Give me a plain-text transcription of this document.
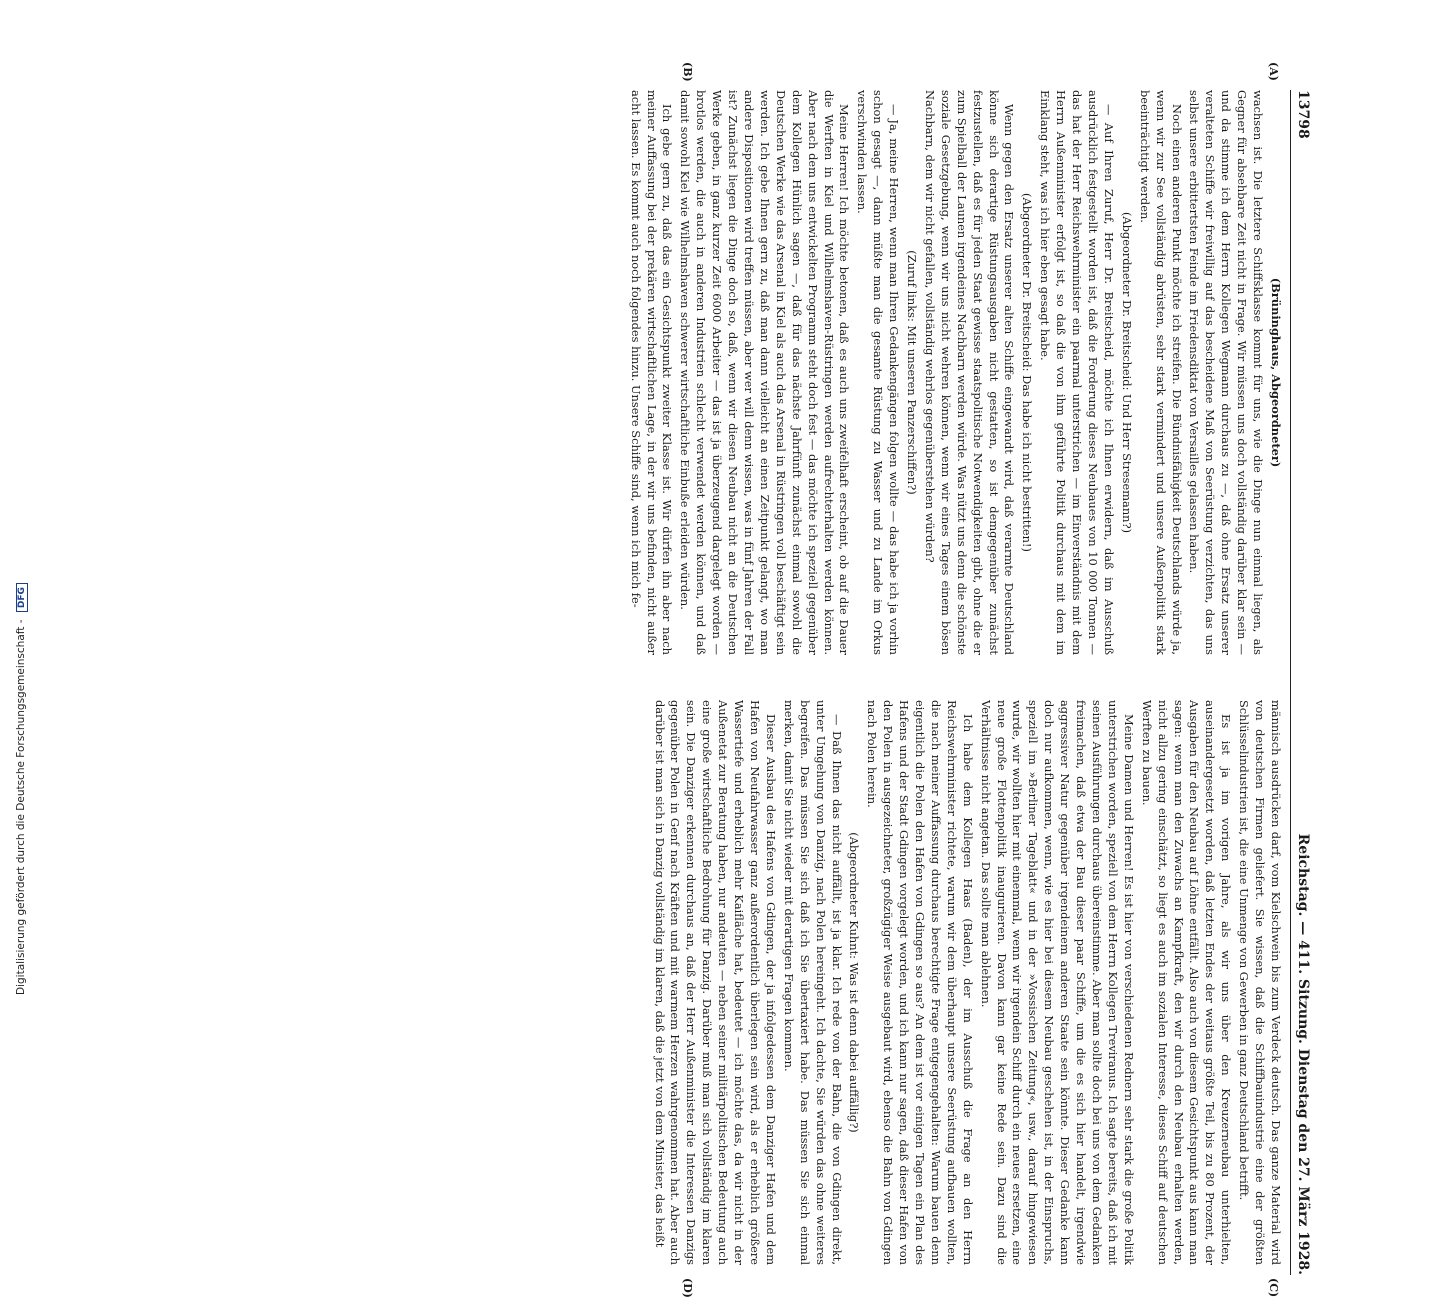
13798
Reichstag. — 411. Sitzung. Dienstag den 27. März 1928.
(A)
(B)
(C)
(D)

(Brüninghaus, Abgeordneter)

wachsen ist. Die letztere Schiffsklasse kommt für uns, wie die Dinge nun einmal liegen, als Gegner für absehbare Zeit nicht in Frage. Wir müssen uns doch vollständig darüber klar sein — und da stimme ich dem Herrn Kollegen Wegmann durchaus zu —, daß ohne Ersatz unserer veralteten Schiffe wir freiwillig auf das bescheidene Maß von Seerüstung verzichten, das uns selbst unsere erbittertsten Feinde im Friedensdiktat von Versailles gelassen haben.

Noch einen anderen Punkt möchte ich streifen. Die Bündnisfähigkeit Deutschlands würde ja, wenn wir zur See vollständig abrüsten, sehr stark vermindert und unsere Außenpolitik stark beeinträchtigt werden.

(Abgeordneter Dr. Breitscheid: Und Herr Stresemann?)

— Auf Ihren Zuruf, Herr Dr. Breitscheid, möchte ich Ihnen erwidern, daß im Ausschuß ausdrücklich festgestellt worden ist, daß die Forderung dieses Neubaues von 10 000 Tonnen — das hat der Herr Reichswehrminister ein paarmal unterstrichen — im Einverständnis mit dem Herrn Außenminister erfolgt ist, so daß die von ihm geführte Politik durchaus mit dem im Einklang steht, was ich hier eben gesagt habe.

(Abgeordneter Dr. Breitscheid: Das habe ich nicht bestritten!)

Wenn gegen den Ersatz unserer alten Schiffe eingewandt wird, daß verarmte Deutschland könne sich derartige Rüstungsausgaben nicht gestatten, so ist demgegenüber zunächst festzustellen, daß es für jeden Staat gewisse staatspolitische Notwendigkeiten gibt, ohne die er zum Spielball der Launen irgendeines Nachbarn werden würde. Was nützt uns denn die schönste soziale Gesetzgebung, wenn wir uns nicht wehren können, wenn wir eines Tages einem bösen Nachbarn, dem wir nicht gefallen, vollständig wehrlos gegenüberstehen würden?

(Zuruf links: Mit unseren Panzerschiffen?)

— Ja, meine Herren, wenn man Ihren Gedankengängen folgen wollte — das habe ich ja vorhin schon gesagt —, dann müßte man die gesamte Rüstung zu Wasser und zu Lande im Orkus verschwinden lassen.

Meine Herren! Ich möchte betonen, daß es auch uns zweifelhaft erscheint, ob auf die Dauer die Werften in Kiel und Wilhelmshaven-Rüstringen werden aufrechterhalten werden können. Aber nach dem uns entwickelten Programm steht doch fest — das möchte ich speziell gegenüber dem Kollegen Hünlich sagen —, daß für das nächste Jahrfünft zunächst einmal sowohl die Deutschen Werke wie das Arsenal in Kiel als auch das Arsenal in Rüstringen voll beschäftigt sein werden. Ich gebe Ihnen gern zu, daß man dann vielleicht an einen Zeitpunkt gelangt, wo man andere Dispositionen wird treffen müssen, aber wer will denn wissen, was in fünf Jahren der Fall ist? Zunächst liegen die Dinge doch so, daß, wenn wir diesen Neubau nicht an die Deutschen Werke geben, in ganz kurzer Zeit 6000 Arbeiter — das ist ja überzeugend dargelegt worden — brotlos werden, die auch in anderen Industrien schlecht verwendet werden können, und daß damit sowohl Kiel wie Wilhelmshaven schwerer wirtschaftliche Einbuße erleiden würden.

Ich gebe gern zu, daß das ein Gesichtspunkt zweiter Klasse ist. Wir dürfen ihn aber nach meiner Auffassung bei der prekären wirtschaftlichen Lage, in der wir uns befinden, nicht außer acht lassen. Es kommt auch noch folgendes hinzu. Unsere Schiffe sind, wenn ich mich fe-

männisch ausdrücken darf, vom Kielschwein bis zum Verdeck deutsch. Das ganze Material wird von deutschen Firmen geliefert. Sie wissen, daß die Schiffbauindustrie eine der größten Schlüsselindustrien ist, die eine Unmenge von Gewerben in ganz Deutschland betrifft.

Es ist ja im vorigen Jahre, als wir uns über den Kreuzerneubau unterhielten, auseinandergesetzt worden, daß letzten Endes der weitaus größte Teil, bis zu 80 Prozent, der Ausgaben für den Neubau auf Löhne entfällt. Also auch von diesem Gesichtspunkt aus kann man sagen: wenn man den Zuwachs an Kampfkraft, den wir durch den Neubau erhalten werden, nicht allzu gering einschätzt, so liegt es auch im sozialen Interesse, dieses Schiff auf deutschen Werften zu bauen.

Meine Damen und Herren! Es ist hier von verschiedenen Rednern sehr stark die große Politik unterstrichen worden, speziell von dem Herrn Kollegen Treviranus. Ich sagte bereits, daß ich mit seinen Ausführungen durchaus übereinstimme. Aber man sollte doch bei uns von dem Gedanken freimachen, daß etwa der Bau dieser paar Schiffe, um die es sich hier handelt, irgendwie aggressiver Natur gegenüber irgendeinem anderen Staate sein könnte. Dieser Gedanke kann doch nur aufkommen, wenn, wie es hier bei diesem Neubau geschehen ist, in der Einspruchs, speziell im »Berliner Tageblatt« und in der »Vossischen Zeitung«, usw., darauf hingewiesen wurde, wir wollten hier mit einemmal, wenn wir irgendein Schiff durch ein neues ersetzen, eine neue große Flottenpolitik inaugurieren. Davon kann gar keine Rede sein. Dazu sind die Verhältnisse nicht angetan. Das sollte man ablehnen.

Ich habe dem Kollegen Haas (Baden), der im Ausschuß die Frage an den Herrn Reichswehrminister richtete, warum wir dem überhaupt unsere Seerüstung aufbauen wollten, die nach meiner Auffassung durchaus berechtigte Frage entgegengehalten: Warum bauen denn eigentlich die Polen den Hafen von Gdingen so aus? An dem ist vor einigen Tagen ein Plan des Hafens und der Stadt Gdingen vorgelegt worden, und ich kann nur sagen, daß dieser Hafen von den Polen in ausgezeichneter, großzügiger Weise ausgebaut wird, ebenso die Bahn von Gdingen nach Polen herein.

(Abgeordneter Kuhnt: Was ist denn dabei auffällig?)

— Daß Ihnen das nicht auffällt, ist ja klar. Ich rede von der Bahn, die von Gdingen direkt, unter Umgehung von Danzig, nach Polen hereingeht. Ich dachte, Sie würden das ohne weiteres begreifen. Das müssen Sie sich daß ich Sie übertaxiert habe. Das müssen Sie sich einmal merken, damit Sie nicht wieder mit derartigen Fragen kommen.

Dieser Ausbau des Hafens von Gdingen, der ja infolgedessen dem Danziger Hafen und dem Hafen von Neufahrwasser ganz außerordentlich überlegen sein wird, als er erheblich größere Wassertiefe und erheblich mehr Kaifläche hat, bedeutet — ich möchte das, da wir nicht in der Außenetat zur Beratung haben, nur andeuten — neben seiner militärpolitischen Bedeutung auch eine große wirtschaftliche Bedrohung für Danzig. Darüber muß man sich vollständig im klaren sein. Die Danziger erkennen durchaus an, daß der Herr Außenminister die Interessen Danzigs gegenüber Polen in Genf nach Kräften und mit warmem Herzen wahrgenommen hat. Aber auch darüber ist man sich in Danzig vollständig im klaren, daß die jetzt von dem Minister, das heißt

Digitalisierung gefördert durch die Deutsche Forschungsgemeinschaft - DFG
